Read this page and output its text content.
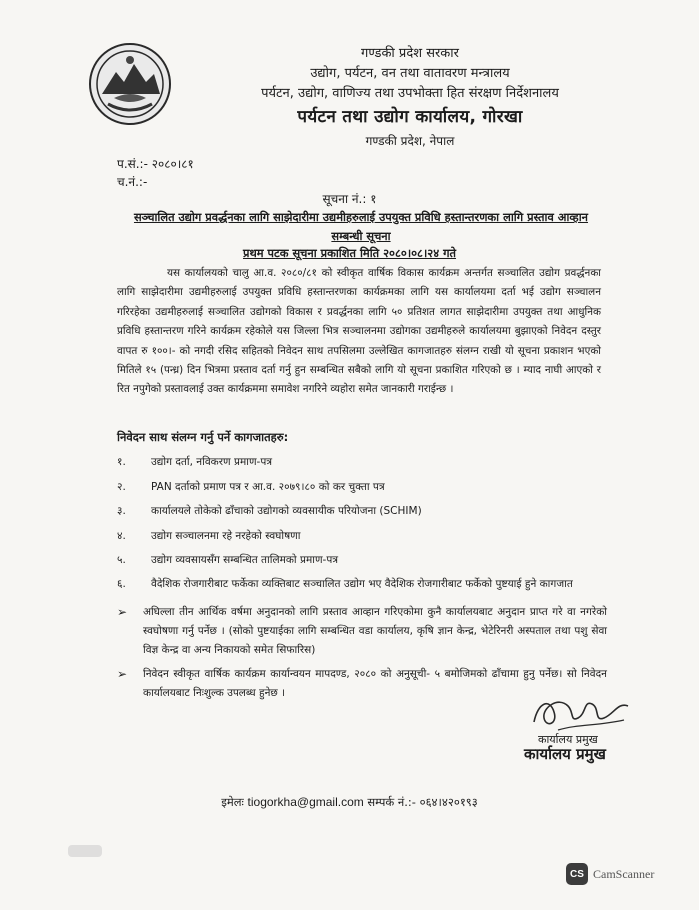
गण्डकी प्रदेश सरकार
उद्योग, पर्यटन, वन तथा वातावरण मन्त्रालय
पर्यटन, उद्योग, वाणिज्य तथा उपभोक्ता हित संरक्षण निर्देशनालय
पर्यटन तथा उद्योग कार्यालय, गोरखा
गण्डकी प्रदेश, नेपाल
प.सं.:- २०८०।८१
च.नं.:-
सूचना नं.: १
सञ्चालित उद्योग प्रवर्द्धनका लागि साझेदारीमा उद्यमीहरुलाई उपयुक्त प्रविधि हस्तान्तरणका लागि प्रस्ताव आव्हान सम्बन्धी सूचना
प्रथम पटक सूचना प्रकाशित मिति २०८०।०८।२४ गते
यस कार्यालयको चालु आ.व. २०८०/८१ को स्वीकृत वार्षिक विकास कार्यक्रम अन्तर्गत सञ्चालित उद्योग प्रवर्द्धनका लागि साझेदारीमा उद्यमीहरुलाई उपयुक्त प्रविधि हस्तान्तरणका कार्यक्रमका लागि यस कार्यालयमा दर्ता भई उद्योग सञ्चालन गरिरहेका उद्यमीहरुलाई सञ्चालित उद्योगको विकास र प्रवर्द्धनका लागि ५० प्रतिशत लागत साझेदारीमा उपयुक्त तथा आधुनिक प्रविधि हस्तान्तरण गरिने कार्यक्रम रहेकोले यस जिल्ला भित्र सञ्चालनमा उद्योगका उद्यमीहरुले कार्यालयमा बुझाएको निवेदन दस्तुर वापत रु १००।- को नगदी रसिद सहितको निवेदन साथ तपसिलमा उल्लेखित कागजातहरु संलग्न राखी यो सूचना प्रकाशन भएको मितिले १५ (पन्ध्र) दिन भित्रमा प्रस्ताव दर्ता गर्नु हुन सम्बन्धित सबैको लागि यो सूचना प्रकाशित गरिएको छ । म्याद नाघी आएको र रित नपुगेको प्रस्तावलाई उक्त कार्यक्रममा समावेश नगरिने व्यहोरा समेत जानकारी गराईन्छ ।
निवेदन साथ संलग्न गर्नु पर्ने कागजातहरु:
१. उद्योग दर्ता, नविकरण प्रमाण-पत्र
२. PAN दर्ताको प्रमाण पत्र र आ.व. २०७९।८० को कर चुक्ता पत्र
३. कार्यालयले तोकेको ढाँचाको उद्योगको व्यवसायीक परियोजना (SCHIM)
४. उद्योग सञ्चालनमा रहे नरहेको स्वघोषणा
५. उद्योग व्यवसायसँग सम्बन्धित तालिमको प्रमाण-पत्र
६. वैदेशिक रोजगारीबाट फर्केका व्यक्तिबाट सञ्चालित उद्योग भए वैदेशिक रोजगारीबाट फर्केको पुष्टयाई हुने कागजात
➢ अघिल्ला तीन आर्थिक वर्षमा अनुदानको लागि प्रस्ताव आव्हान गरिएकोमा कुनै कार्यालयबाट अनुदान प्राप्त गरे वा नगरेको स्वघोषणा गर्नु पर्नेछ । (सोको पुष्टयाईका लागि सम्बन्धित वडा कार्यालय, कृषि ज्ञान केन्द्र, भेटेरिनरी अस्पताल तथा पशु सेवा विज्ञ केन्द्र वा अन्य निकायको समेत सिफारिस)
➢ निवेदन स्वीकृत वार्षिक कार्यक्रम कार्यान्वयन मापदण्ड, २०८० को अनुसूची- ५ बमोजिमको ढाँचामा हुनु पर्नेछ। सो निवेदन कार्यालयबाट निःशुल्क उपलब्ध हुनेछ ।
कार्यालय प्रमुख
कार्यालय प्रमुख
इमेलः tiogorkha@gmail.com सम्पर्क नं.:- ०६४।४२०१९३
CS CamScanner
